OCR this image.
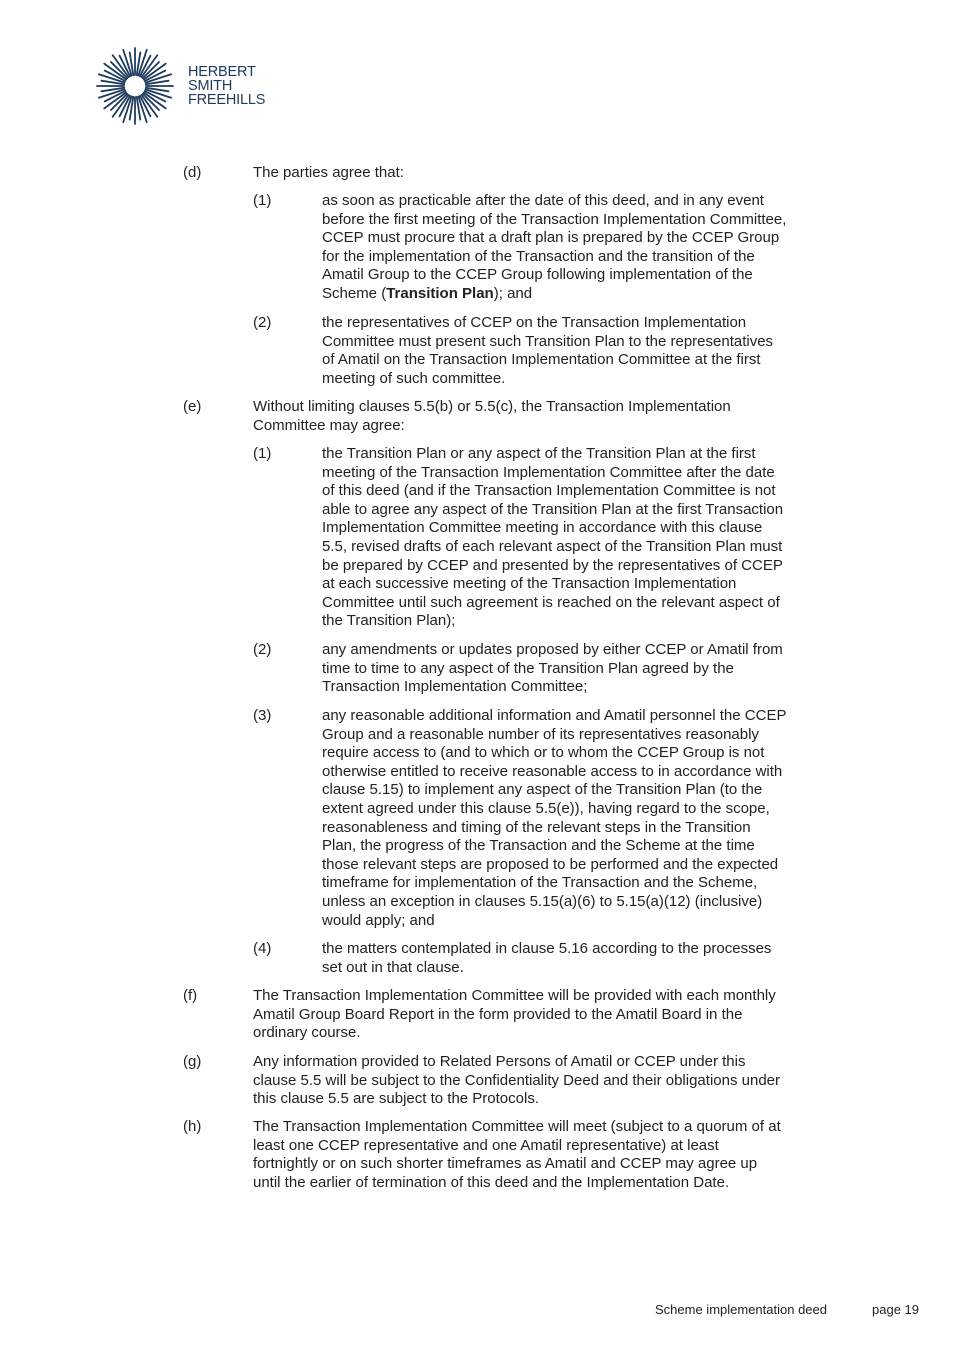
HERBERT
SMITH
FREEHILLS
(d)	The parties agree that:
(1)	as soon as practicable after the date of this deed, and in any event
before the first meeting of the Transaction Implementation Committee,
CCEP must procure that a draft plan is prepared by the CCEP Group
for the implementation of the Transaction and the transition of the
Amatil Group to the CCEP Group following implementation of the
Scheme (Transition Plan); and
(2)	the representatives of CCEP on the Transaction Implementation
Committee must present such Transition Plan to the representatives
of Amatil on the Transaction Implementation Committee at the first
meeting of such committee.
(e)	Without limiting clauses 5.5(b) or 5.5(c), the Transaction Implementation
Committee may agree:
(1)	the Transition Plan or any aspect of the Transition Plan at the first
meeting of the Transaction Implementation Committee after the date
of this deed (and if the Transaction Implementation Committee is not
able to agree any aspect of the Transition Plan at the first Transaction
Implementation Committee meeting in accordance with this clause
5.5, revised drafts of each relevant aspect of the Transition Plan must
be prepared by CCEP and presented by the representatives of CCEP
at each successive meeting of the Transaction Implementation
Committee until such agreement is reached on the relevant aspect of
the Transition Plan);
(2)	any amendments or updates proposed by either CCEP or Amatil from
time to time to any aspect of the Transition Plan agreed by the
Transaction Implementation Committee;
(3)	any reasonable additional information and Amatil personnel the CCEP
Group and a reasonable number of its representatives reasonably
require access to (and to which or to whom the CCEP Group is not
otherwise entitled to receive reasonable access to in accordance with
clause 5.15) to implement any aspect of the Transition Plan (to the
extent agreed under this clause 5.5(e)), having regard to the scope,
reasonableness and timing of the relevant steps in the Transition
Plan, the progress of the Transaction and the Scheme at the time
those relevant steps are proposed to be performed and the expected
timeframe for implementation of the Transaction and the Scheme,
unless an exception in clauses 5.15(a)(6) to 5.15(a)(12) (inclusive)
would apply; and
(4)	the matters contemplated in clause 5.16 according to the processes
set out in that clause.
(f)	The Transaction Implementation Committee will be provided with each monthly
Amatil Group Board Report in the form provided to the Amatil Board in the
ordinary course.
(g)	Any information provided to Related Persons of Amatil or CCEP under this
clause 5.5 will be subject to the Confidentiality Deed and their obligations under
this clause 5.5 are subject to the Protocols.
(h)	The Transaction Implementation Committee will meet (subject to a quorum of at
least one CCEP representative and one Amatil representative) at least
fortnightly or on such shorter timeframes as Amatil and CCEP may agree up
until the earlier of termination of this deed and the Implementation Date.
Scheme implementation deed	page 19
